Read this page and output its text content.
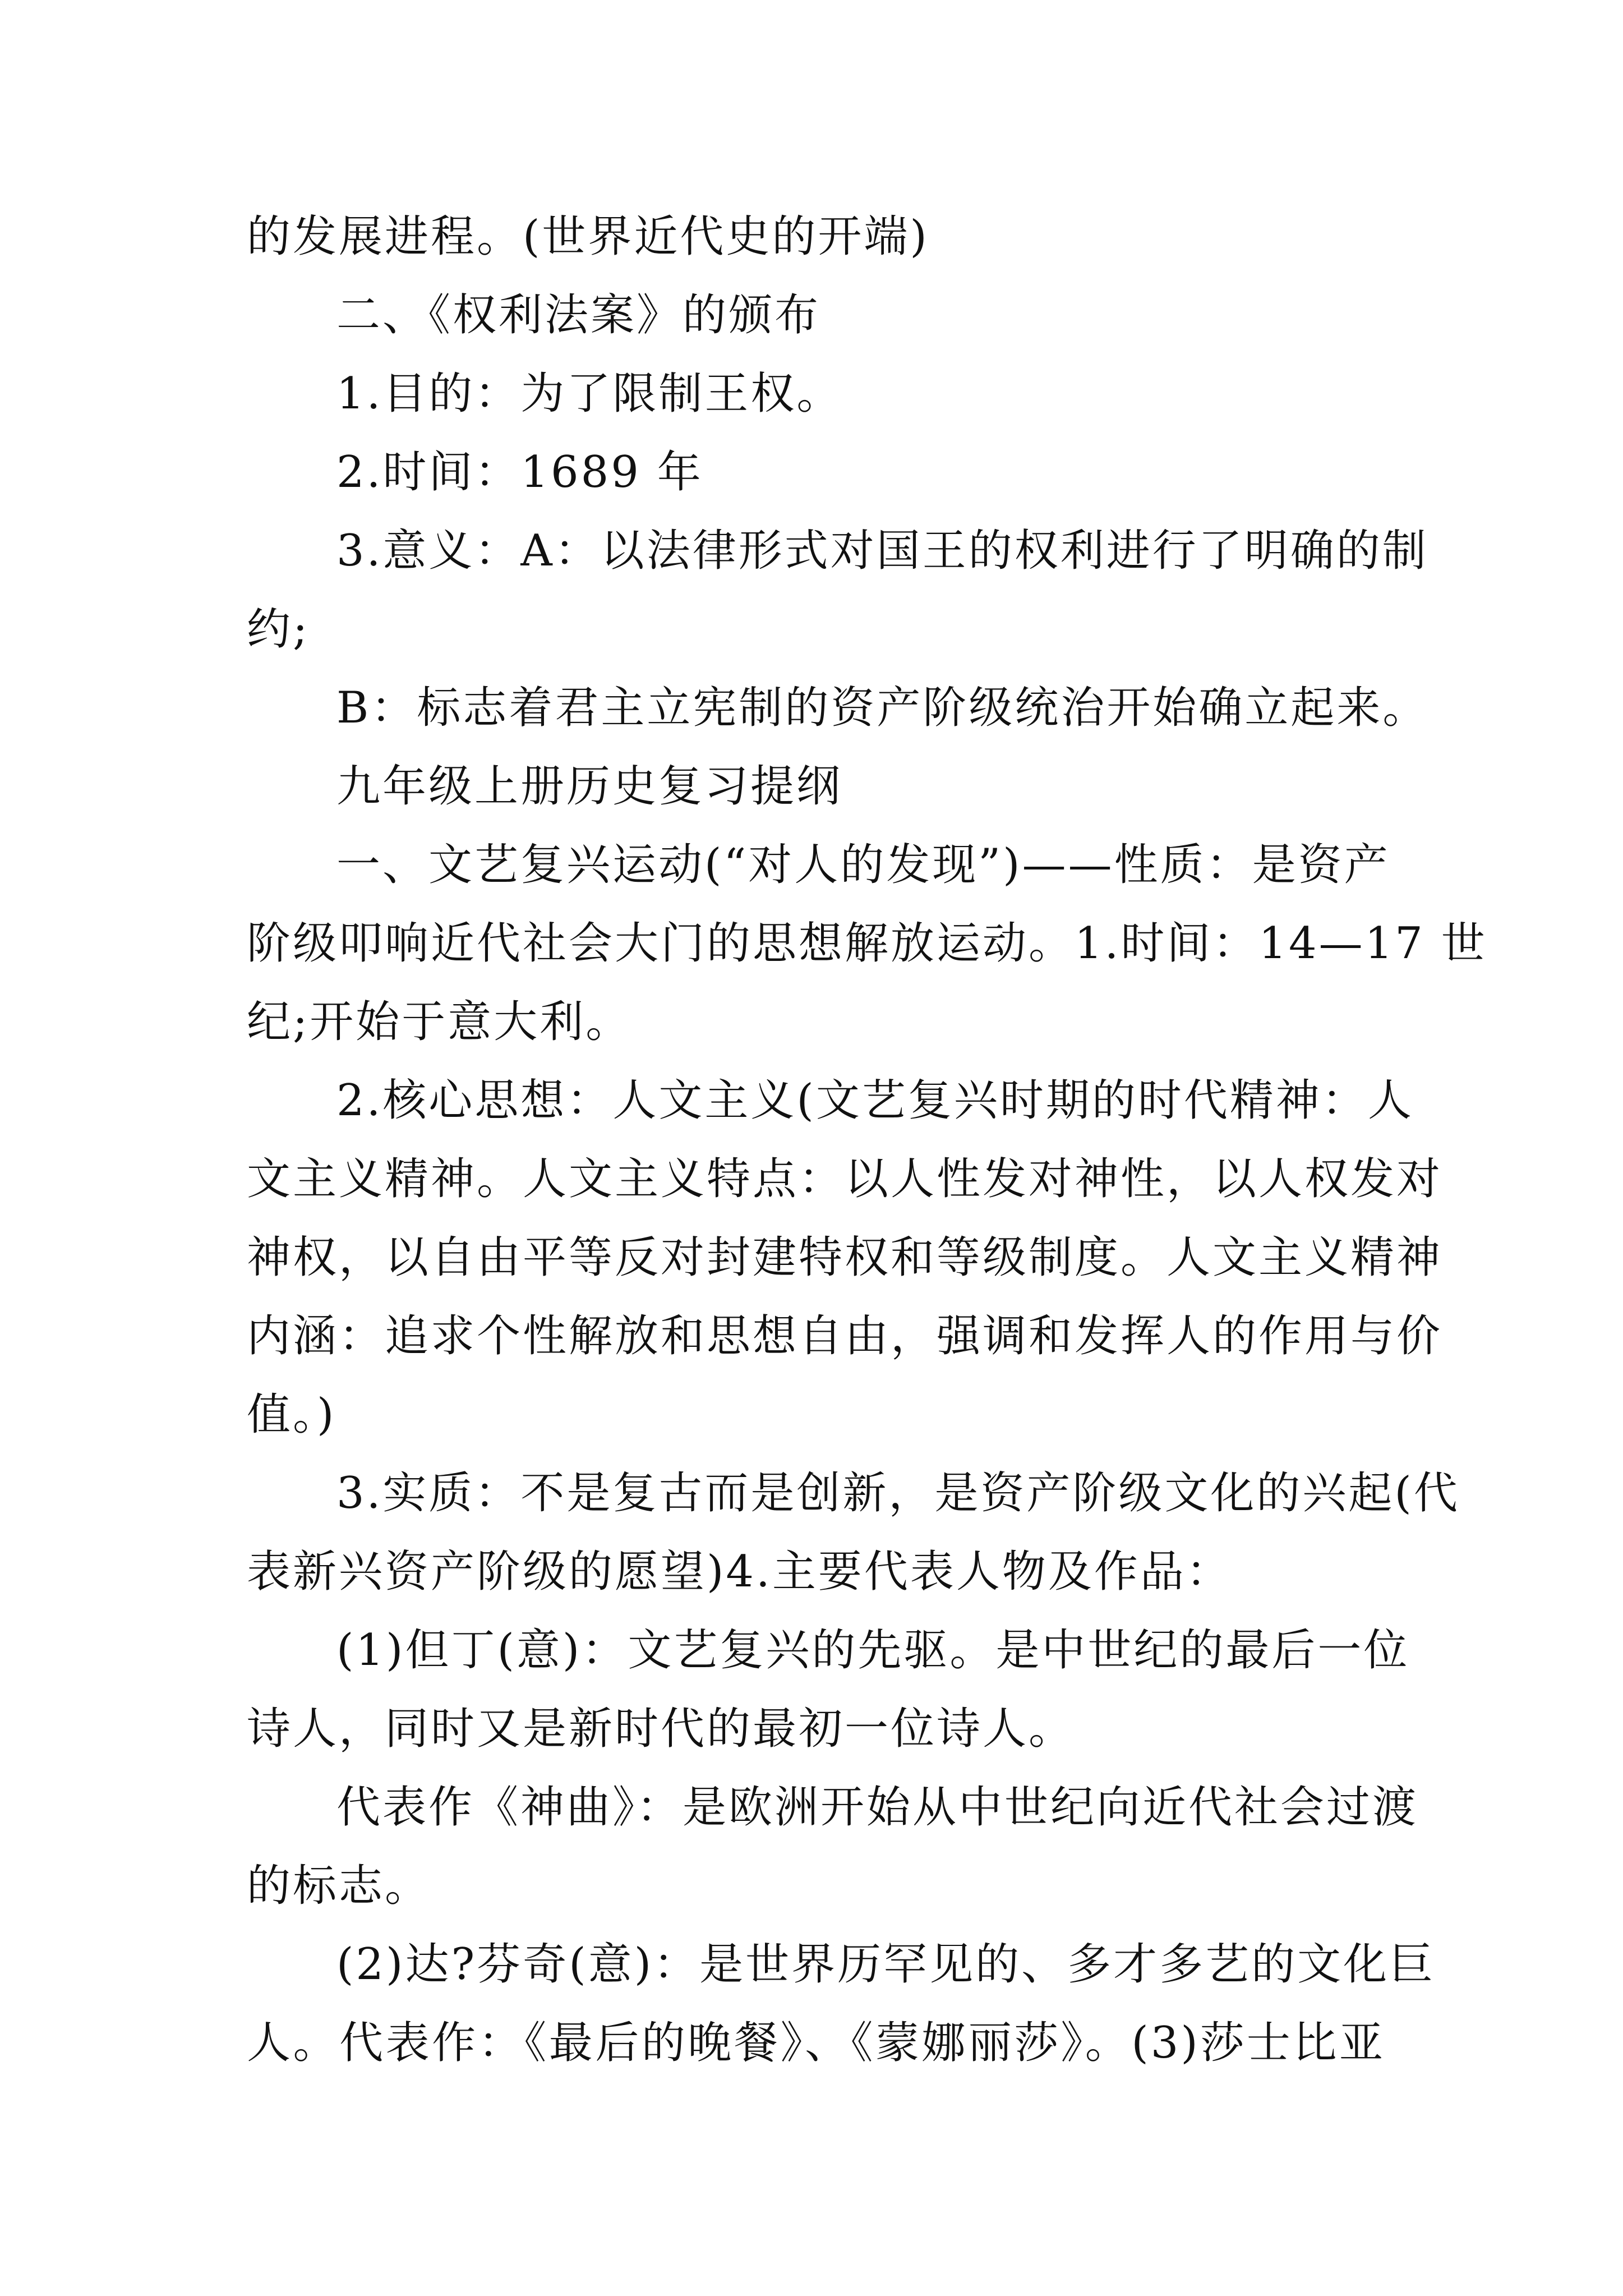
的发展进程。(世界近代史的开端)
二、《权利法案》的颁布
1.目的：为了限制王权。
2.时间：1689 年
3.意义：A：以法律形式对国王的权利进行了明确的制
约;
B：标志着君主立宪制的资产阶级统治开始确立起来。
九年级上册历史复习提纲
一、文艺复兴运动(“对人的发现”)——性质：是资产
阶级叩响近代社会大门的思想解放运动。1.时间：14—17 世
纪;开始于意大利。
2.核心思想：人文主义(文艺复兴时期的时代精神：人
文主义精神。人文主义特点：以人性发对神性，以人权发对
神权，以自由平等反对封建特权和等级制度。人文主义精神
内涵：追求个性解放和思想自由，强调和发挥人的作用与价
值。)
3.实质：不是复古而是创新，是资产阶级文化的兴起(代
表新兴资产阶级的愿望)4.主要代表人物及作品：
(1)但丁(意)：文艺复兴的先驱。是中世纪的最后一位
诗人，同时又是新时代的最初一位诗人。
代表作《神曲》：是欧洲开始从中世纪向近代社会过渡
的标志。
(2)达?芬奇(意)：是世界历罕见的、多才多艺的文化巨
人。代表作：《最后的晚餐》、《蒙娜丽莎》。(3)莎士比亚
